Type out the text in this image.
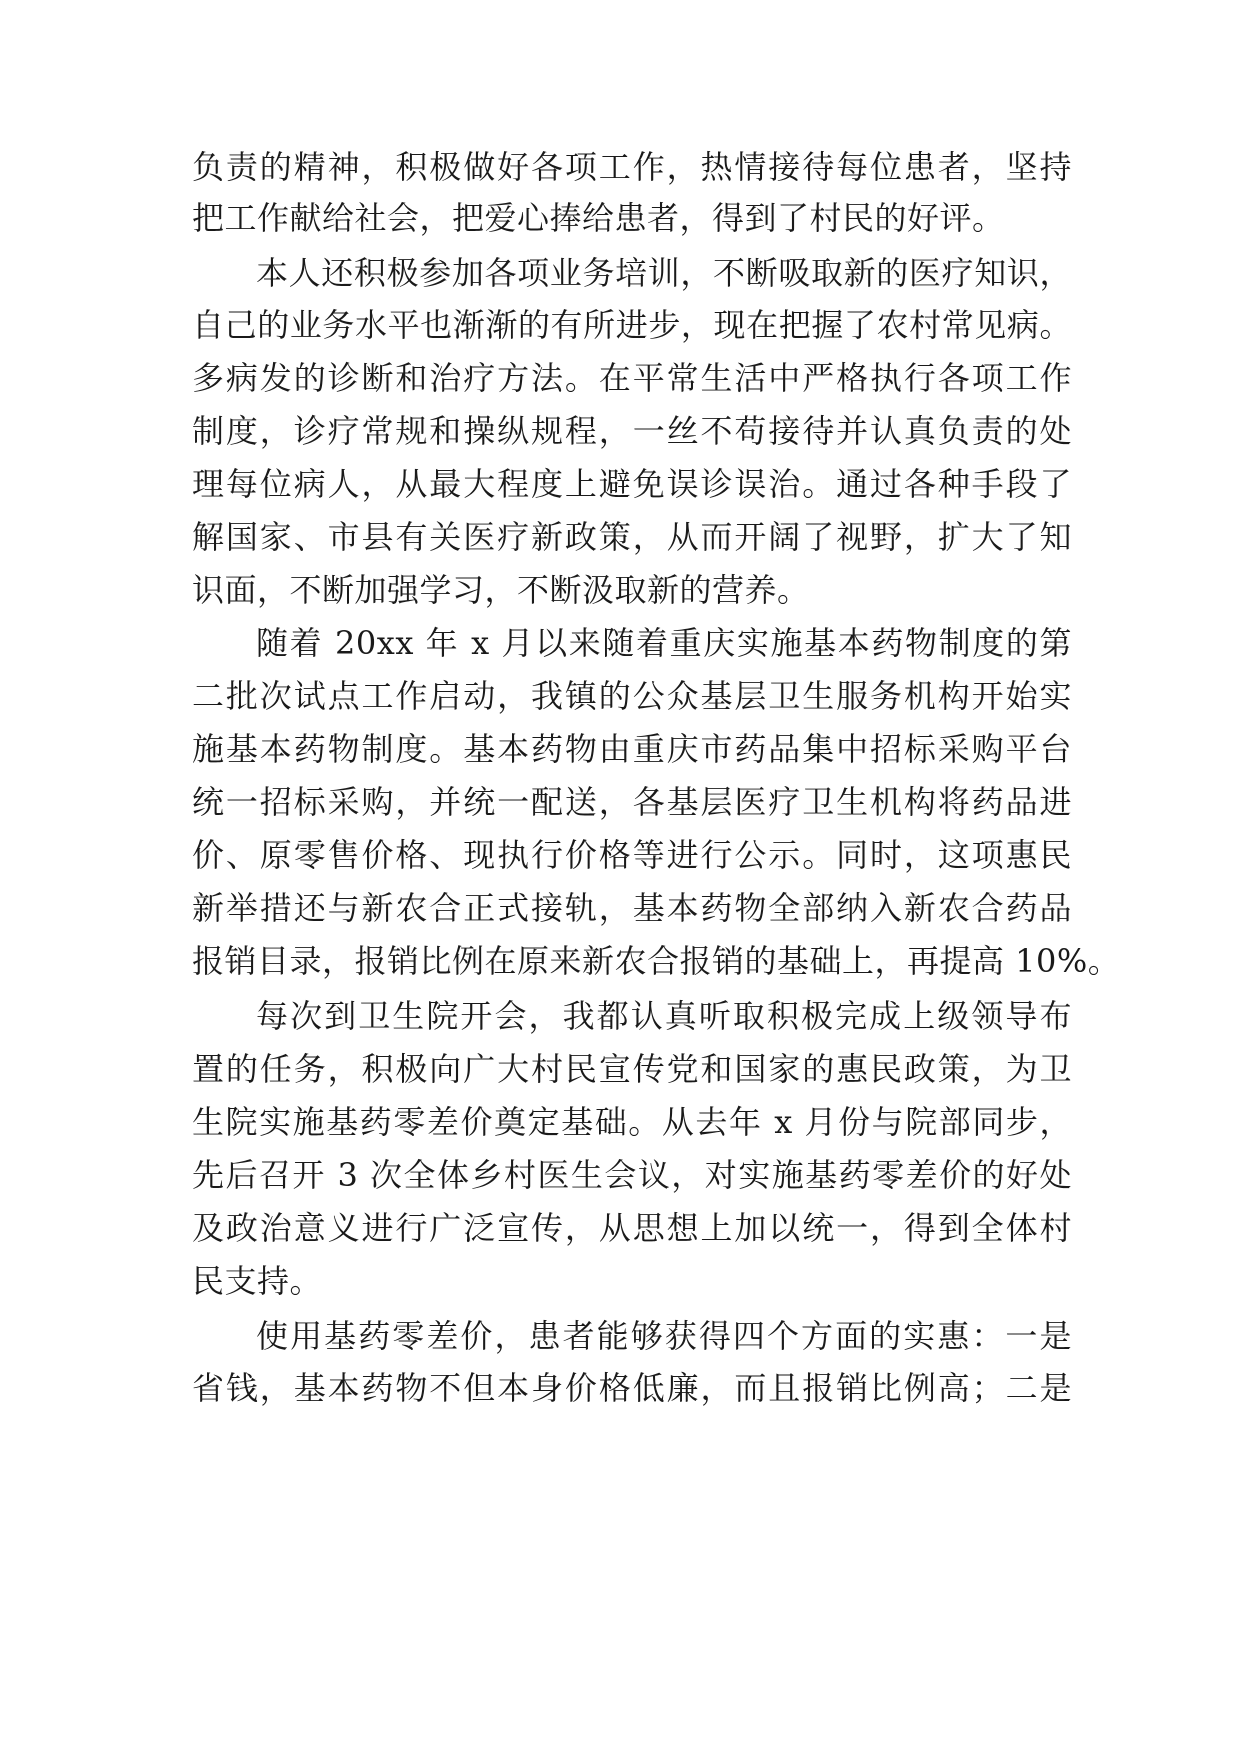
负责的精神，积极做好各项工作，热情接待每位患者，坚持
把工作献给社会，把爱心捧给患者，得到了村民的好评。
本人还积极参加各项业务培训，不断吸取新的医疗知识，
自己的业务水平也渐渐的有所进步，现在把握了农村常见病。
多病发的诊断和治疗方法。在平常生活中严格执行各项工作
制度，诊疗常规和操纵规程，一丝不苟接待并认真负责的处
理每位病人，从最大程度上避免误诊误治。通过各种手段了
解国家、市县有关医疗新政策，从而开阔了视野，扩大了知
识面，不断加强学习，不断汲取新的营养。
随着 20xx 年 x 月以来随着重庆实施基本药物制度的第
二批次试点工作启动，我镇的公众基层卫生服务机构开始实
施基本药物制度。基本药物由重庆市药品集中招标采购平台
统一招标采购，并统一配送，各基层医疗卫生机构将药品进
价、原零售价格、现执行价格等进行公示。同时，这项惠民
新举措还与新农合正式接轨，基本药物全部纳入新农合药品
报销目录，报销比例在原来新农合报销的基础上，再提高 10%。
每次到卫生院开会，我都认真听取积极完成上级领导布
置的任务，积极向广大村民宣传党和国家的惠民政策，为卫
生院实施基药零差价奠定基础。从去年 x 月份与院部同步，
先后召开 3 次全体乡村医生会议，对实施基药零差价的好处
及政治意义进行广泛宣传，从思想上加以统一，得到全体村
民支持。
使用基药零差价，患者能够获得四个方面的实惠：一是
省钱，基本药物不但本身价格低廉，而且报销比例高；二是
